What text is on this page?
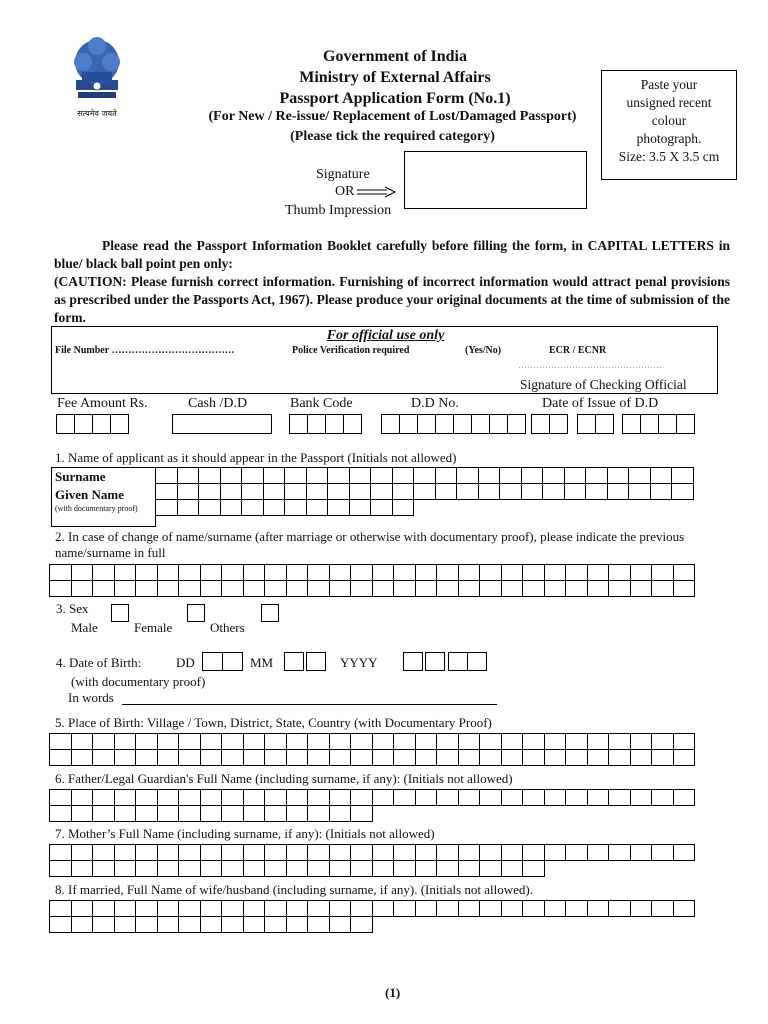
सत्यमेव जयते
Government of India
Ministry of External Affairs
Passport Application Form (No.1)
(For New / Re-issue/ Replacement of Lost/Damaged Passport)
(Please tick the required category)
Paste your
unsigned recent
colour
photograph.
Size: 3.5 X 3.5 cm
Signature
OR
Thumb Impression
Please read the Passport Information Booklet carefully before filling the form, in CAPITAL LETTERS in blue/ black ball point pen only:
(CAUTION: Please furnish correct information. Furnishing of incorrect information would attract penal provisions as prescribed under the Passports Act, 1967). Please produce your original documents at the time of submission of the form.
For official use only
File Number ……………………………….	Police Verification required	(Yes/No)	ECR / ECNR
…………………………………………
Signature of Checking Official
Fee Amount Rs.	Cash /D.D	Bank Code	D.D No.	Date of Issue of D.D
1. Name of applicant as it should appear in the Passport (Initials not allowed)
Surname
Given Name
(with documentary proof)
2. In case of change of name/surname (after marriage or otherwise with documentary proof), please indicate the previous name/surname in full
3. Sex
Male	Female	Others
4. Date of Birth:	DD	MM	YYYY
(with documentary proof)
In words
5. Place of Birth: Village / Town, District, State, Country (with Documentary Proof)
6. Father/Legal Guardian's Full Name (including surname, if any): (Initials not allowed)
7. Mother’s Full Name (including surname, if any): (Initials not allowed)
8. If married, Full Name of wife/husband (including surname, if any). (Initials not allowed).
(1)
